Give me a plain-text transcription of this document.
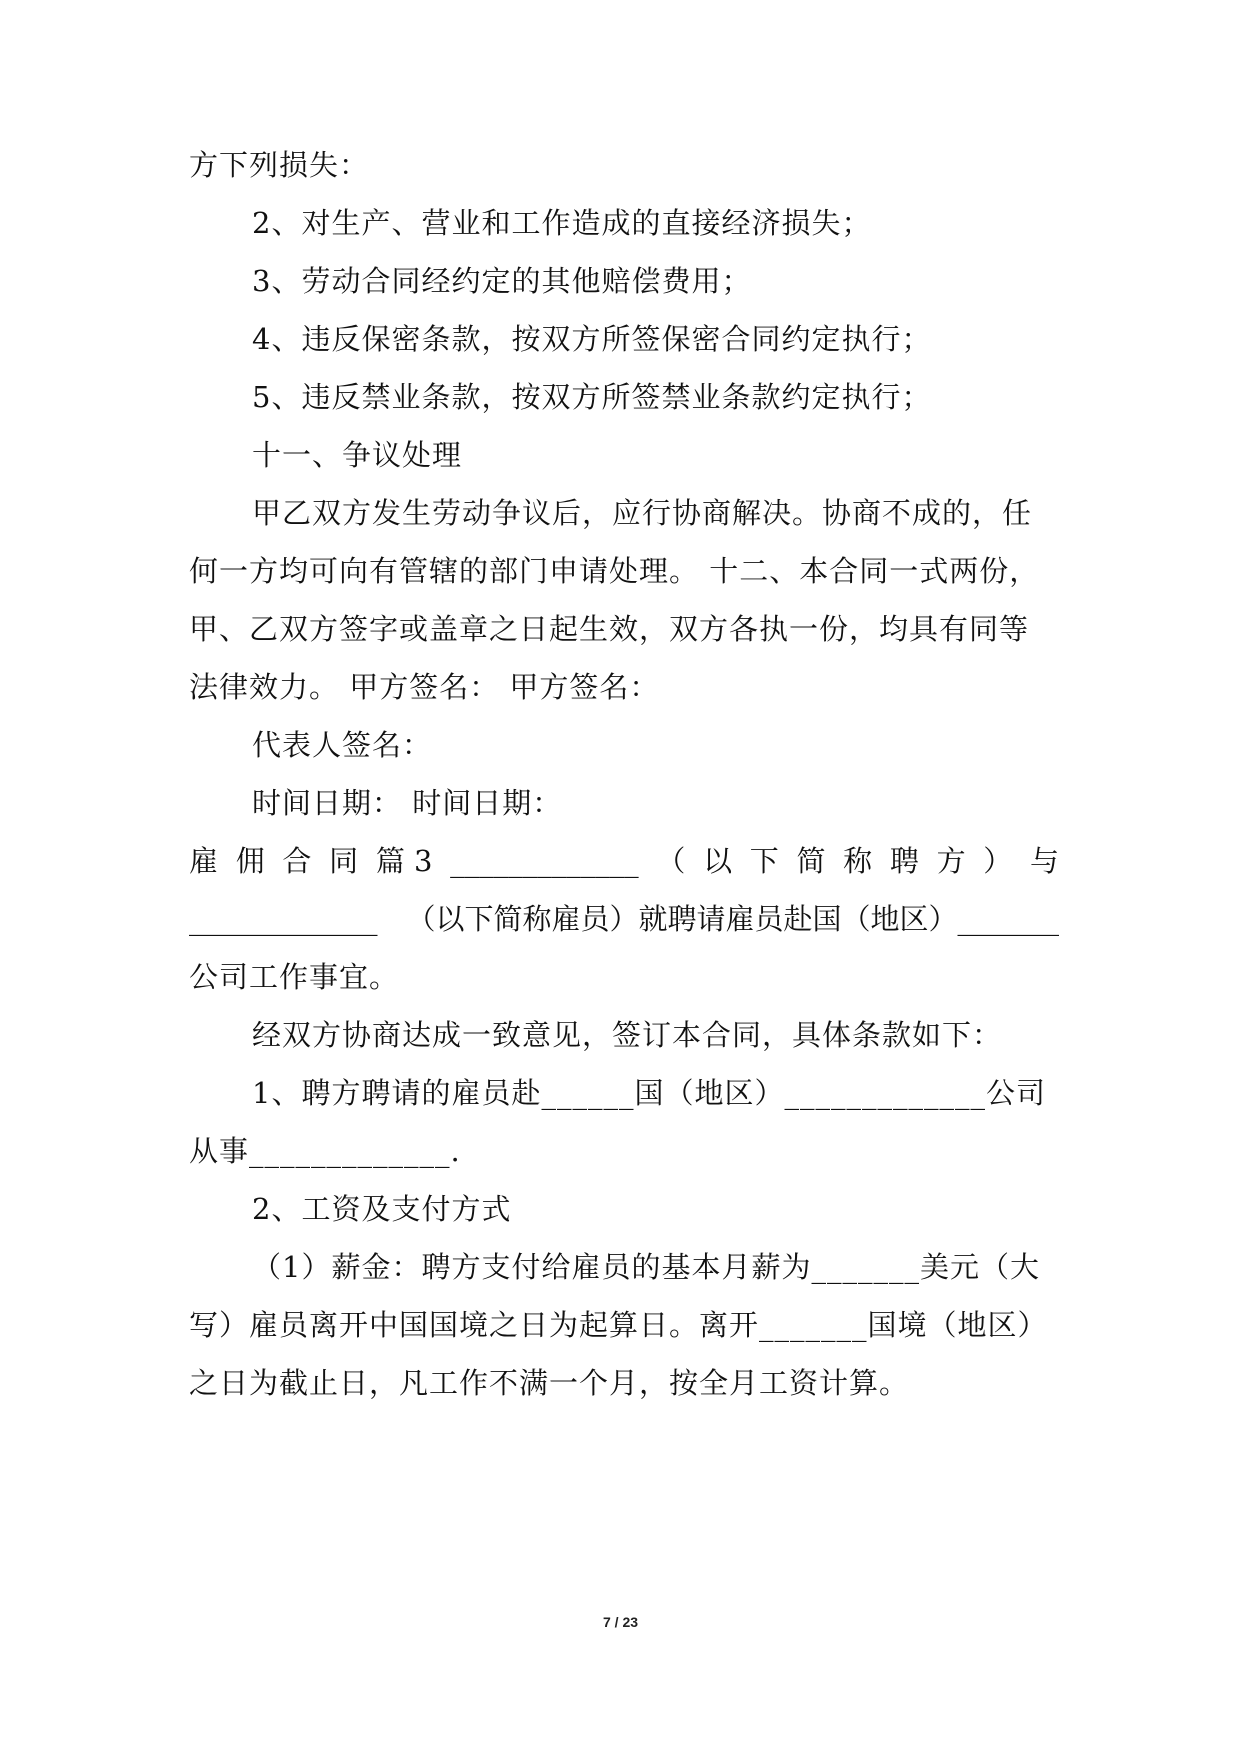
方下列损失：
2、对生产、营业和工作造成的直接经济损失；
3、劳动合同经约定的其他赔偿费用；
4、违反保密条款，按双方所签保密合同约定执行；
5、违反禁业条款，按双方所签禁业条款约定执行；
十一、争议处理
甲乙双方发生劳动争议后，应行协商解决。协商不成的，任
何一方均可向有管辖的部门申请处理。 十二、本合同一式两份，
甲、乙双方签字或盖章之日起生效，双方各执一份，均具有同等
法律效力。 甲方签名： 甲方签名：
代表人签名：
时间日期： 时间日期：
雇 佣 合 同 篇 3 _____________ （ 以 下 简 称 聘 方 ） 与
_____________ （以下简称雇员）就聘请雇员赴国（地区）_______
公司工作事宜。
经双方协商达成一致意见，签订本合同，具体条款如下：
1、聘方聘请的雇员赴______国（地区）_____________公司
从事_____________.
2、工资及支付方式
（1）薪金：聘方支付给雇员的基本月薪为_______美元（大
写）雇员离开中国国境之日为起算日。离开_______国境（地区）
之日为截止日，凡工作不满一个月，按全月工资计算。
7 / 23
